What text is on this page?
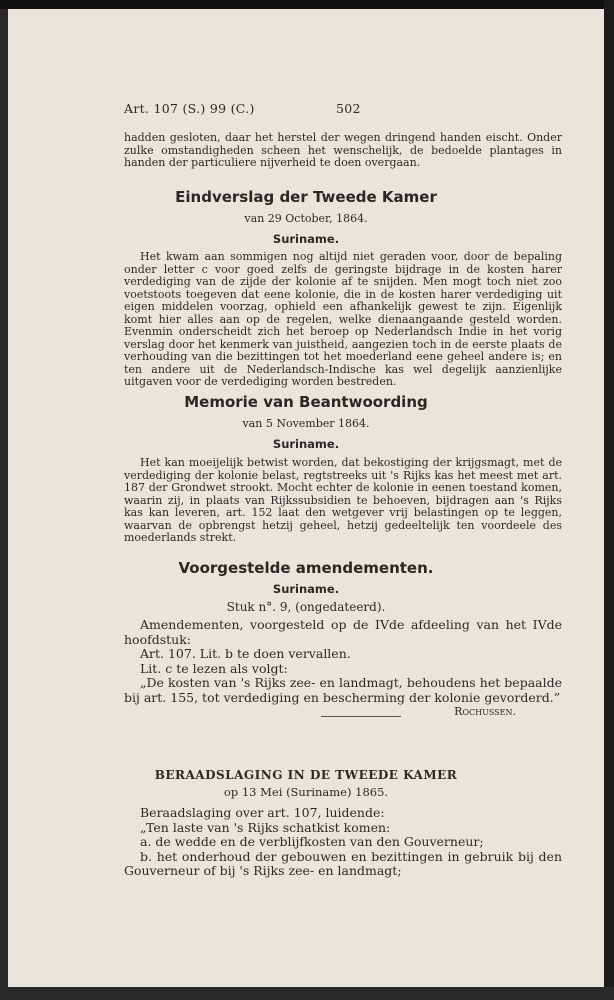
Art. 107 (S.) 99 (C.)	502

hadden gesloten, daar het herstel der wegen dringend handen eischt. Onder zulke omstandigheden scheen het wenschelijk, de bedoelde plantages in handen der particuliere nijverheid te doen overgaan.

Eindverslag der Tweede Kamer
van 29 October, 1864.
Suriname.

Het kwam aan sommigen nog altijd niet geraden voor, door de bepaling onder letter c voor goed zelfs de geringste bijdrage in de kosten harer verdediging van de zijde der kolonie af te snijden. Men mogt toch niet zoo voetstoots toegeven dat eene kolonie, die in de kosten harer verdediging uit eigen middelen voorzag, ophield een afhankelijk gewest te zijn. Eigenlijk komt hier alles aan op de regelen, welke dienaangaande gesteld worden. Evenmin onderscheidt zich het beroep op Nederlandsch Indie in het vorig verslag door het kenmerk van juistheid, aangezien toch in de eerste plaats de verhouding van die bezittingen tot het moederland eene geheel andere is; en ten andere uit de Nederlandsch-Indische kas wel degelijk aanzienlijke uitgaven voor de verdediging worden bestreden.

Memorie van Beantwoording
van 5 November 1864.
Suriname.

Het kan moeijelijk betwist worden, dat bekostiging der krijgsmagt, met de verdediging der kolonie belast, regtstreeks uit 's Rijks kas het meest met art. 187 der Grondwet strookt. Mocht echter de kolonie in eenen toestand komen, waarin zij, in plaats van Rijkssubsidien te behoeven, bijdragen aan 's Rijks kas kan leveren, art. 152 laat den wetgever vrij belastingen op te leggen, waarvan de opbrengst hetzij geheel, hetzij gedeeltelijk ten voordeele des moederlands strekt.

Voorgestelde amendementen.
Suriname.
Stuk n°. 9, (ongedateerd).

Amendementen, voorgesteld op de IVde afdeeling van het IVde hoofdstuk:

Art. 107. Lit. b te doen vervallen.

Lit. c te lezen als volgt:

„De kosten van 's Rijks zee- en landmagt, behoudens het bepaalde bij art. 155, tot verdediging en bescherming der kolonie gevorderd.”

Rochussen.
BERAADSLAGING IN DE TWEEDE KAMER
op 13 Mei (Suriname) 1865.

Beraadslaging over art. 107, luidende:

„Ten laste van 's Rijks schatkist komen:

a. de wedde en de verblijfkosten van den Gouverneur;

b. het onderhoud der gebouwen en bezittingen in gebruik bij den Gouverneur of bij 's Rijks zee- en landmagt;
